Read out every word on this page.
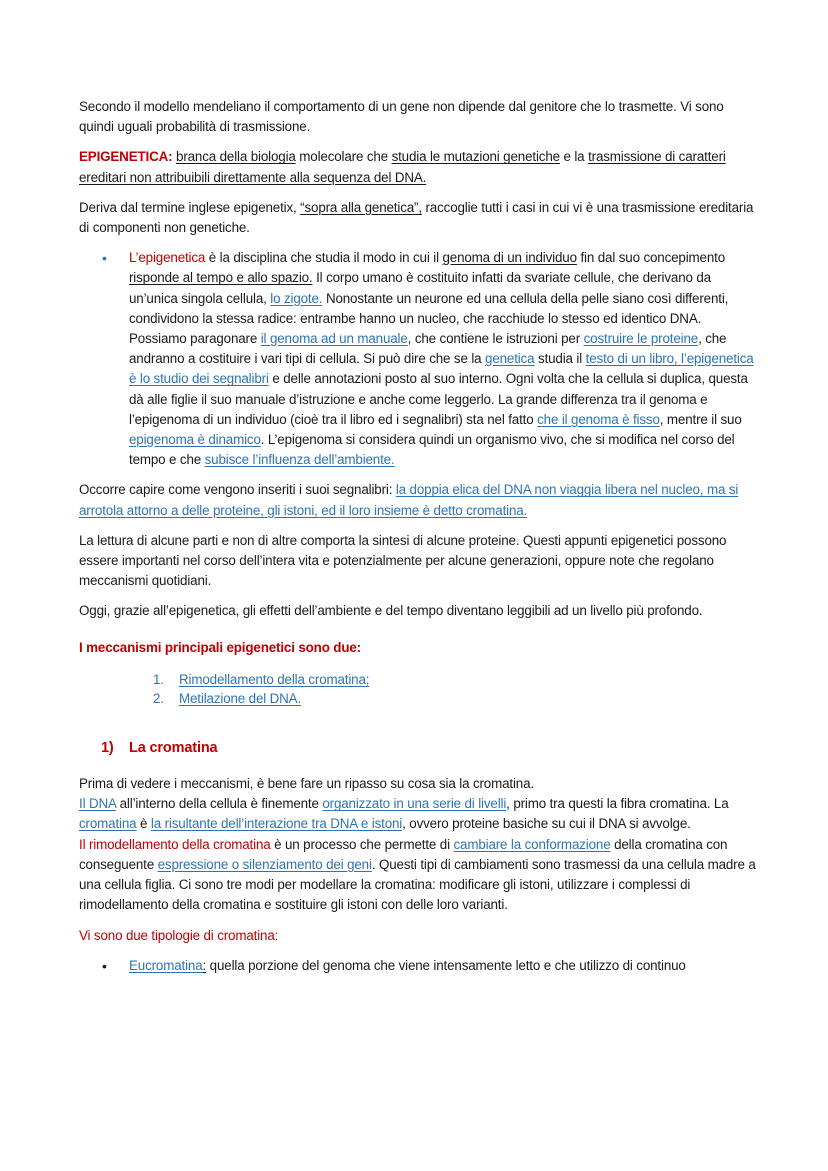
Secondo il modello mendeliano il comportamento di un gene non dipende dal genitore che lo trasmette. Vi sono quindi uguali probabilità di trasmissione.

EPIGENETICA: branca della biologia molecolare che studia le mutazioni genetiche e la trasmissione di caratteri ereditari non attribuibili direttamente alla sequenza del DNA.

Deriva dal termine inglese epigenetix, “sopra alla genetica”, raccoglie tutti i casi in cui vi è una trasmissione ereditaria di componenti non genetiche.

• L’epigenetica è la disciplina che studia il modo in cui il genoma di un individuo fin dal suo concepimento risponde al tempo e allo spazio. Il corpo umano è costituito infatti da svariate cellule, che derivano da un’unica singola cellula, lo zigote. Nonostante un neurone ed una cellula della pelle siano così differenti, condividono la stessa radice: entrambe hanno un nucleo, che racchiude lo stesso ed identico DNA. Possiamo paragonare il genoma ad un manuale, che contiene le istruzioni per costruire le proteine, che andranno a costituire i vari tipi di cellula. Si può dire che se la genetica studia il testo di un libro, l’epigenetica è lo studio dei segnalibri e delle annotazioni posto al suo interno. Ogni volta che la cellula si duplica, questa dà alle figlie il suo manuale d’istruzione e anche come leggerlo. La grande differenza tra il genoma e l’epigenoma di un individuo (cioè tra il libro ed i segnalibri) sta nel fatto che il genoma è fisso, mentre il suo epigenoma è dinamico. L’epigenoma si considera quindi un organismo vivo, che si modifica nel corso del tempo e che subisce l’influenza dell’ambiente.

Occorre capire come vengono inseriti i suoi segnalibri: la doppia elica del DNA non viaggia libera nel nucleo, ma si arrotola attorno a delle proteine, gli istoni, ed il loro insieme è detto cromatina.

La lettura di alcune parti e non di altre comporta la sintesi di alcune proteine. Questi appunti epigenetici possono essere importanti nel corso dell’intera vita e potenzialmente per alcune generazioni, oppure note che regolano meccanismi quotidiani.

Oggi, grazie all’epigenetica, gli effetti dell’ambiente e del tempo diventano leggibili ad un livello più profondo.

I meccanismi principali epigenetici sono due:
1. Rimodellamento della cromatina;
2. Metilazione del DNA.
1) La cromatina

Prima di vedere i meccanismi, è bene fare un ripasso su cosa sia la cromatina.

Il DNA all’interno della cellula è finemente organizzato in una serie di livelli, primo tra questi la fibra cromatina. La cromatina è la risultante dell’interazione tra DNA e istoni, ovvero proteine basiche su cui il DNA si avvolge.

Il rimodellamento della cromatina è un processo che permette di cambiare la conformazione della cromatina con conseguente espressione o silenziamento dei geni. Questi tipi di cambiamenti sono trasmessi da una cellula madre a una cellula figlia. Ci sono tre modi per modellare la cromatina: modificare gli istoni, utilizzare i complessi di rimodellamento della cromatina e sostituire gli istoni con delle loro varianti.

Vi sono due tipologie di cromatina:

• Eucromatina: quella porzione del genoma che viene intensamente letto e che utilizzo di continuo
